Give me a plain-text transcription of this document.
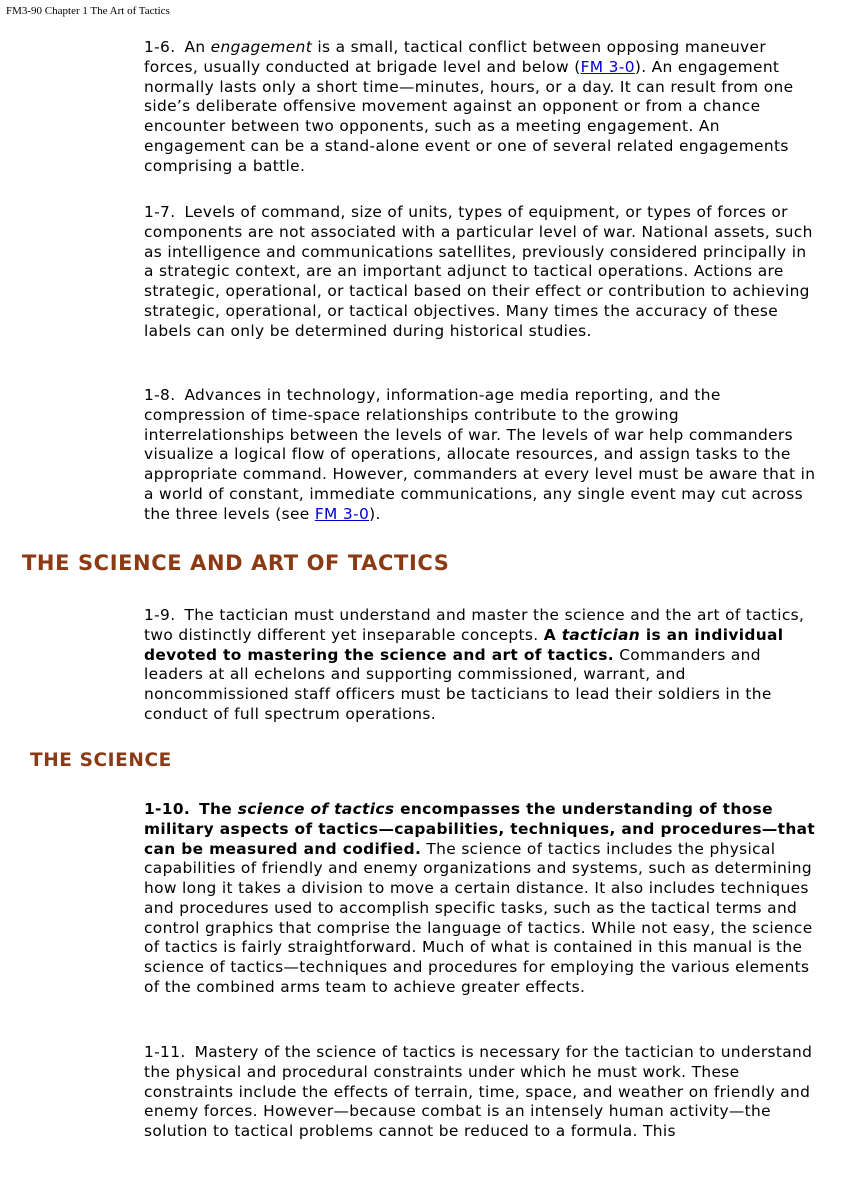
FM3-90 Chapter 1 The Art of Tactics

1-6. An engagement is a small, tactical conflict between opposing maneuver forces, usually conducted at brigade level and below (FM 3-0). An engagement normally lasts only a short time—minutes, hours, or a day. It can result from one side’s deliberate offensive movement against an opponent or from a chance encounter between two opponents, such as a meeting engagement. An engagement can be a stand-alone event or one of several related engagements comprising a battle.

1-7. Levels of command, size of units, types of equipment, or types of forces or components are not associated with a particular level of war. National assets, such as intelligence and communications satellites, previously considered principally in a strategic context, are an important adjunct to tactical operations. Actions are strategic, operational, or tactical based on their effect or contribution to achieving strategic, operational, or tactical objectives. Many times the accuracy of these labels can only be determined during historical studies.

1-8. Advances in technology, information-age media reporting, and the compression of time-space relationships contribute to the growing interrelationships between the levels of war. The levels of war help commanders visualize a logical flow of operations, allocate resources, and assign tasks to the appropriate command. However, commanders at every level must be aware that in a world of constant, immediate communications, any single event may cut across the three levels (see FM 3-0).

THE SCIENCE AND ART OF TACTICS

1-9. The tactician must understand and master the science and the art of tactics, two distinctly different yet inseparable concepts. A tactician is an individual devoted to mastering the science and art of tactics. Commanders and leaders at all echelons and supporting commissioned, warrant, and noncommissioned staff officers must be tacticians to lead their soldiers in the conduct of full spectrum operations.

THE SCIENCE

1-10. The science of tactics encompasses the understanding of those military aspects of tactics—capabilities, techniques, and procedures—that can be measured and codified. The science of tactics includes the physical capabilities of friendly and enemy organizations and systems, such as determining how long it takes a division to move a certain distance. It also includes techniques and procedures used to accomplish specific tasks, such as the tactical terms and control graphics that comprise the language of tactics. While not easy, the science of tactics is fairly straightforward. Much of what is contained in this manual is the science of tactics—techniques and procedures for employing the various elements of the combined arms team to achieve greater effects.

1-11. Mastery of the science of tactics is necessary for the tactician to understand the physical and procedural constraints under which he must work. These constraints include the effects of terrain, time, space, and weather on friendly and enemy forces. However—because combat is an intensely human activity—the solution to tactical problems cannot be reduced to a formula. This
